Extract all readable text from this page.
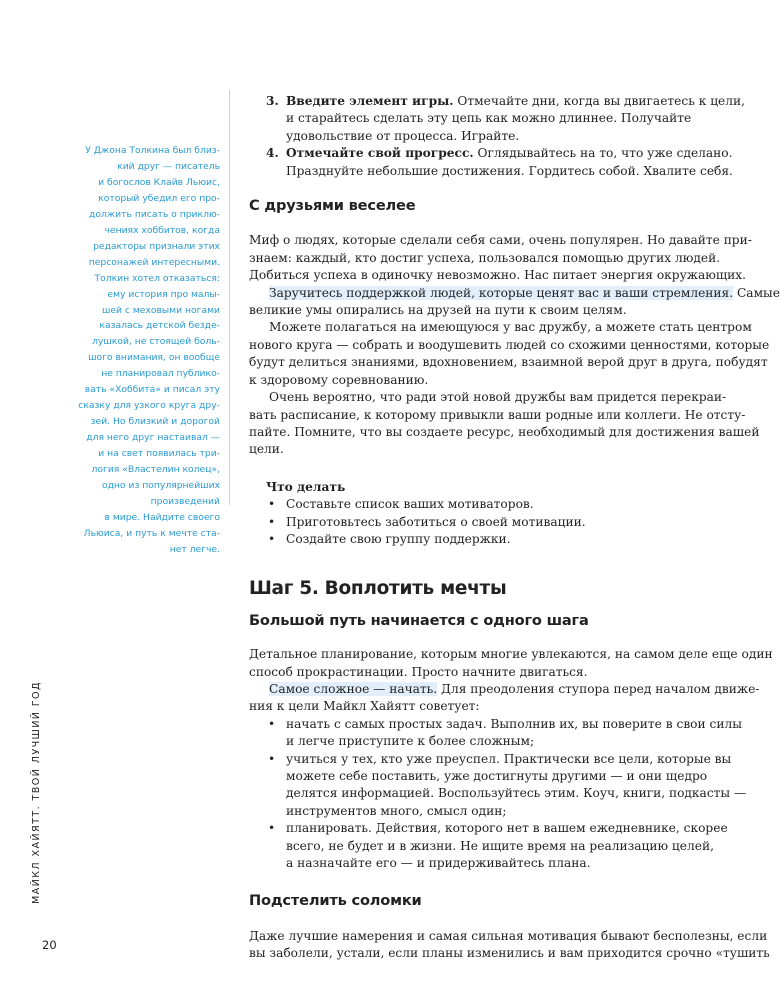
У Джона Толкина был близ-
кий друг — писатель
и богослов Клайв Льюис,
который убедил его про-
должить писать о приклю-
чениях хоббитов, когда
редакторы признали этих
персонажей интересными.
Толкин хотел отказаться:
ему история про малы-
шей с меховыми ногами
казалась детской безде-
лушкой, не стоящей боль-
шого внимания, он вообще
не планировал публико-
вать «Хоббита» и писал эту
сказку для узкого круга дру-
зей. Но близкий и дорогой
для него друг настаивал —
и на свет появилась три-
логия «Властелин колец»,
одно из популярнейших
произведений
в мире. Найдите своего
Льюиса, и путь к мечте ста-
нет легче.
МАЙКЛ ХАЙЯТТ. ТВОЙ ЛУЧШИЙ ГОД
20
3. Введите элемент игры. Отмечайте дни, когда вы двигаетесь к цели,
и старайтесь сделать эту цепь как можно длиннее. Получайте
удовольствие от процесса. Играйте.
4. Отмечайте свой прогресс. Оглядывайтесь на то, что уже сделано.
Празднуйте небольшие достижения. Гордитесь собой. Хвалите себя.
С друзьями веселее

Миф о людях, которые сделали себя сами, очень популярен. Но давайте при-
знаем: каждый, кто достиг успеха, пользовался помощью других людей.
Добиться успеха в одиночку невозможно. Нас питает энергия окружающих.

Заручитесь поддержкой людей, которые ценят вас и ваши стремления. Самые
великие умы опирались на друзей на пути к своим целям.

Можете полагаться на имеющуюся у вас дружбу, а можете стать центром
нового круга — собрать и воодушевить людей со схожими ценностями, которые
будут делиться знаниями, вдохновением, взаимной верой друг в друга, побудят
к здоровому соревнованию.

Очень вероятно, что ради этой новой дружбы вам придется перекраи-
вать расписание, к которому привыкли ваши родные или коллеги. Не отсту-
пайте. Помните, что вы создаете ресурс, необходимый для достижения вашей
цели.

Что делать

• Составьте список ваших мотиваторов.
• Приготовьтесь заботиться о своей мотивации.
• Создайте свою группу поддержки.
Шаг 5. Воплотить мечты
Большой путь начинается с одного шага

Детальное планирование, которым многие увлекаются, на самом деле еще один
способ прокрастинации. Просто начните двигаться.

Самое сложное — начать. Для преодоления ступора перед началом движе-
ния к цели Майкл Хайятт советует:

• начать с самых простых задач. Выполнив их, вы поверите в свои силы
и легче приступите к более сложным;
• учиться у тех, кто уже преуспел. Практически все цели, которые вы
можете себе поставить, уже достигнуты другими — и они щедро
делятся информацией. Воспользуйтесь этим. Коуч, книги, подкасты —
инструментов много, смысл один;
• планировать. Действия, которого нет в вашем ежедневнике, скорее
всего, не будет и в жизни. Не ищите время на реализацию целей,
а назначайте его — и придерживайтесь плана.
Подстелить соломки

Даже лучшие намерения и самая сильная мотивация бывают бесполезны, если
вы заболели, устали, если планы изменились и вам приходится срочно «тушить
